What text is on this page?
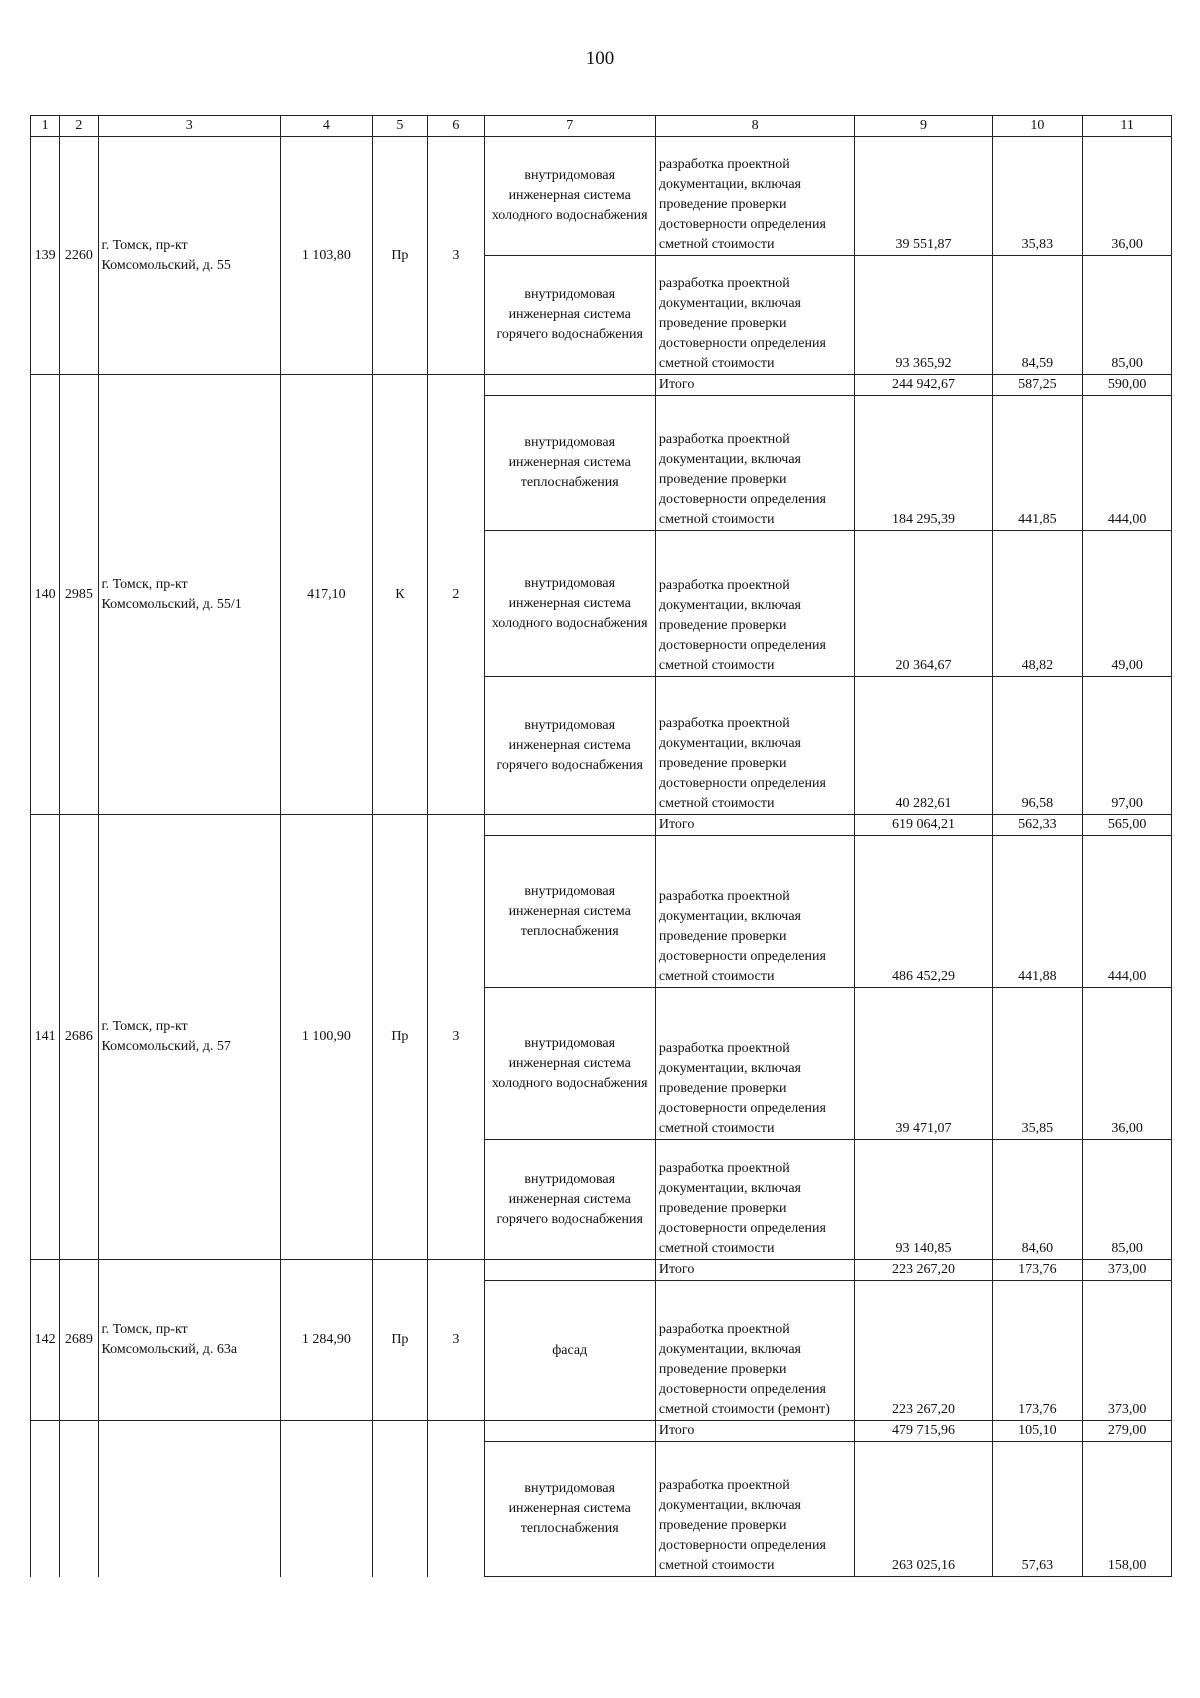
100
1	2	3	4	5	6	7	8	9	10	11
139	2260	г. Томск, пр-кт Комсомольский, д. 55	1 103,80	Пр	3	внутридомовая инженерная система холодного водоснабжения	разработка проектной документации, включая проведение проверки достоверности определения сметной стоимости	39 551,87	35,83	36,00
						внутридомовая инженерная система горячего водоснабжения	разработка проектной документации, включая проведение проверки достоверности определения сметной стоимости	93 365,92	84,59	85,00
140	2985	г. Томск, пр-кт Комсомольский, д. 55/1	417,10	К	2		Итого	244 942,67	587,25	590,00
						внутридомовая инженерная система теплоснабжения	разработка проектной документации, включая проведение проверки достоверности определения сметной стоимости	184 295,39	441,85	444,00
						внутридомовая инженерная система холодного водоснабжения	разработка проектной документации, включая проведение проверки достоверности определения сметной стоимости	20 364,67	48,82	49,00
						внутридомовая инженерная система горячего водоснабжения	разработка проектной документации, включая проведение проверки достоверности определения сметной стоимости	40 282,61	96,58	97,00
141	2686	г. Томск, пр-кт Комсомольский, д. 57	1 100,90	Пр	3		Итого	619 064,21	562,33	565,00
						внутридомовая инженерная система теплоснабжения	разработка проектной документации, включая проведение проверки достоверности определения сметной стоимости	486 452,29	441,88	444,00
						внутридомовая инженерная система холодного водоснабжения	разработка проектной документации, включая проведение проверки достоверности определения сметной стоимости	39 471,07	35,85	36,00
						внутридомовая инженерная система горячего водоснабжения	разработка проектной документации, включая проведение проверки достоверности определения сметной стоимости	93 140,85	84,60	85,00
142	2689	г. Томск, пр-кт Комсомольский, д. 63а	1 284,90	Пр	3		Итого	223 267,20	173,76	373,00
						фасад	разработка проектной документации, включая проведение проверки достоверности определения сметной стоимости (ремонт)	223 267,20	173,76	373,00
							Итого	479 715,96	105,10	279,00
						внутридомовая инженерная система теплоснабжения	разработка проектной документации, включая проведение проверки достоверности определения сметной стоимости	263 025,16	57,63	158,00
